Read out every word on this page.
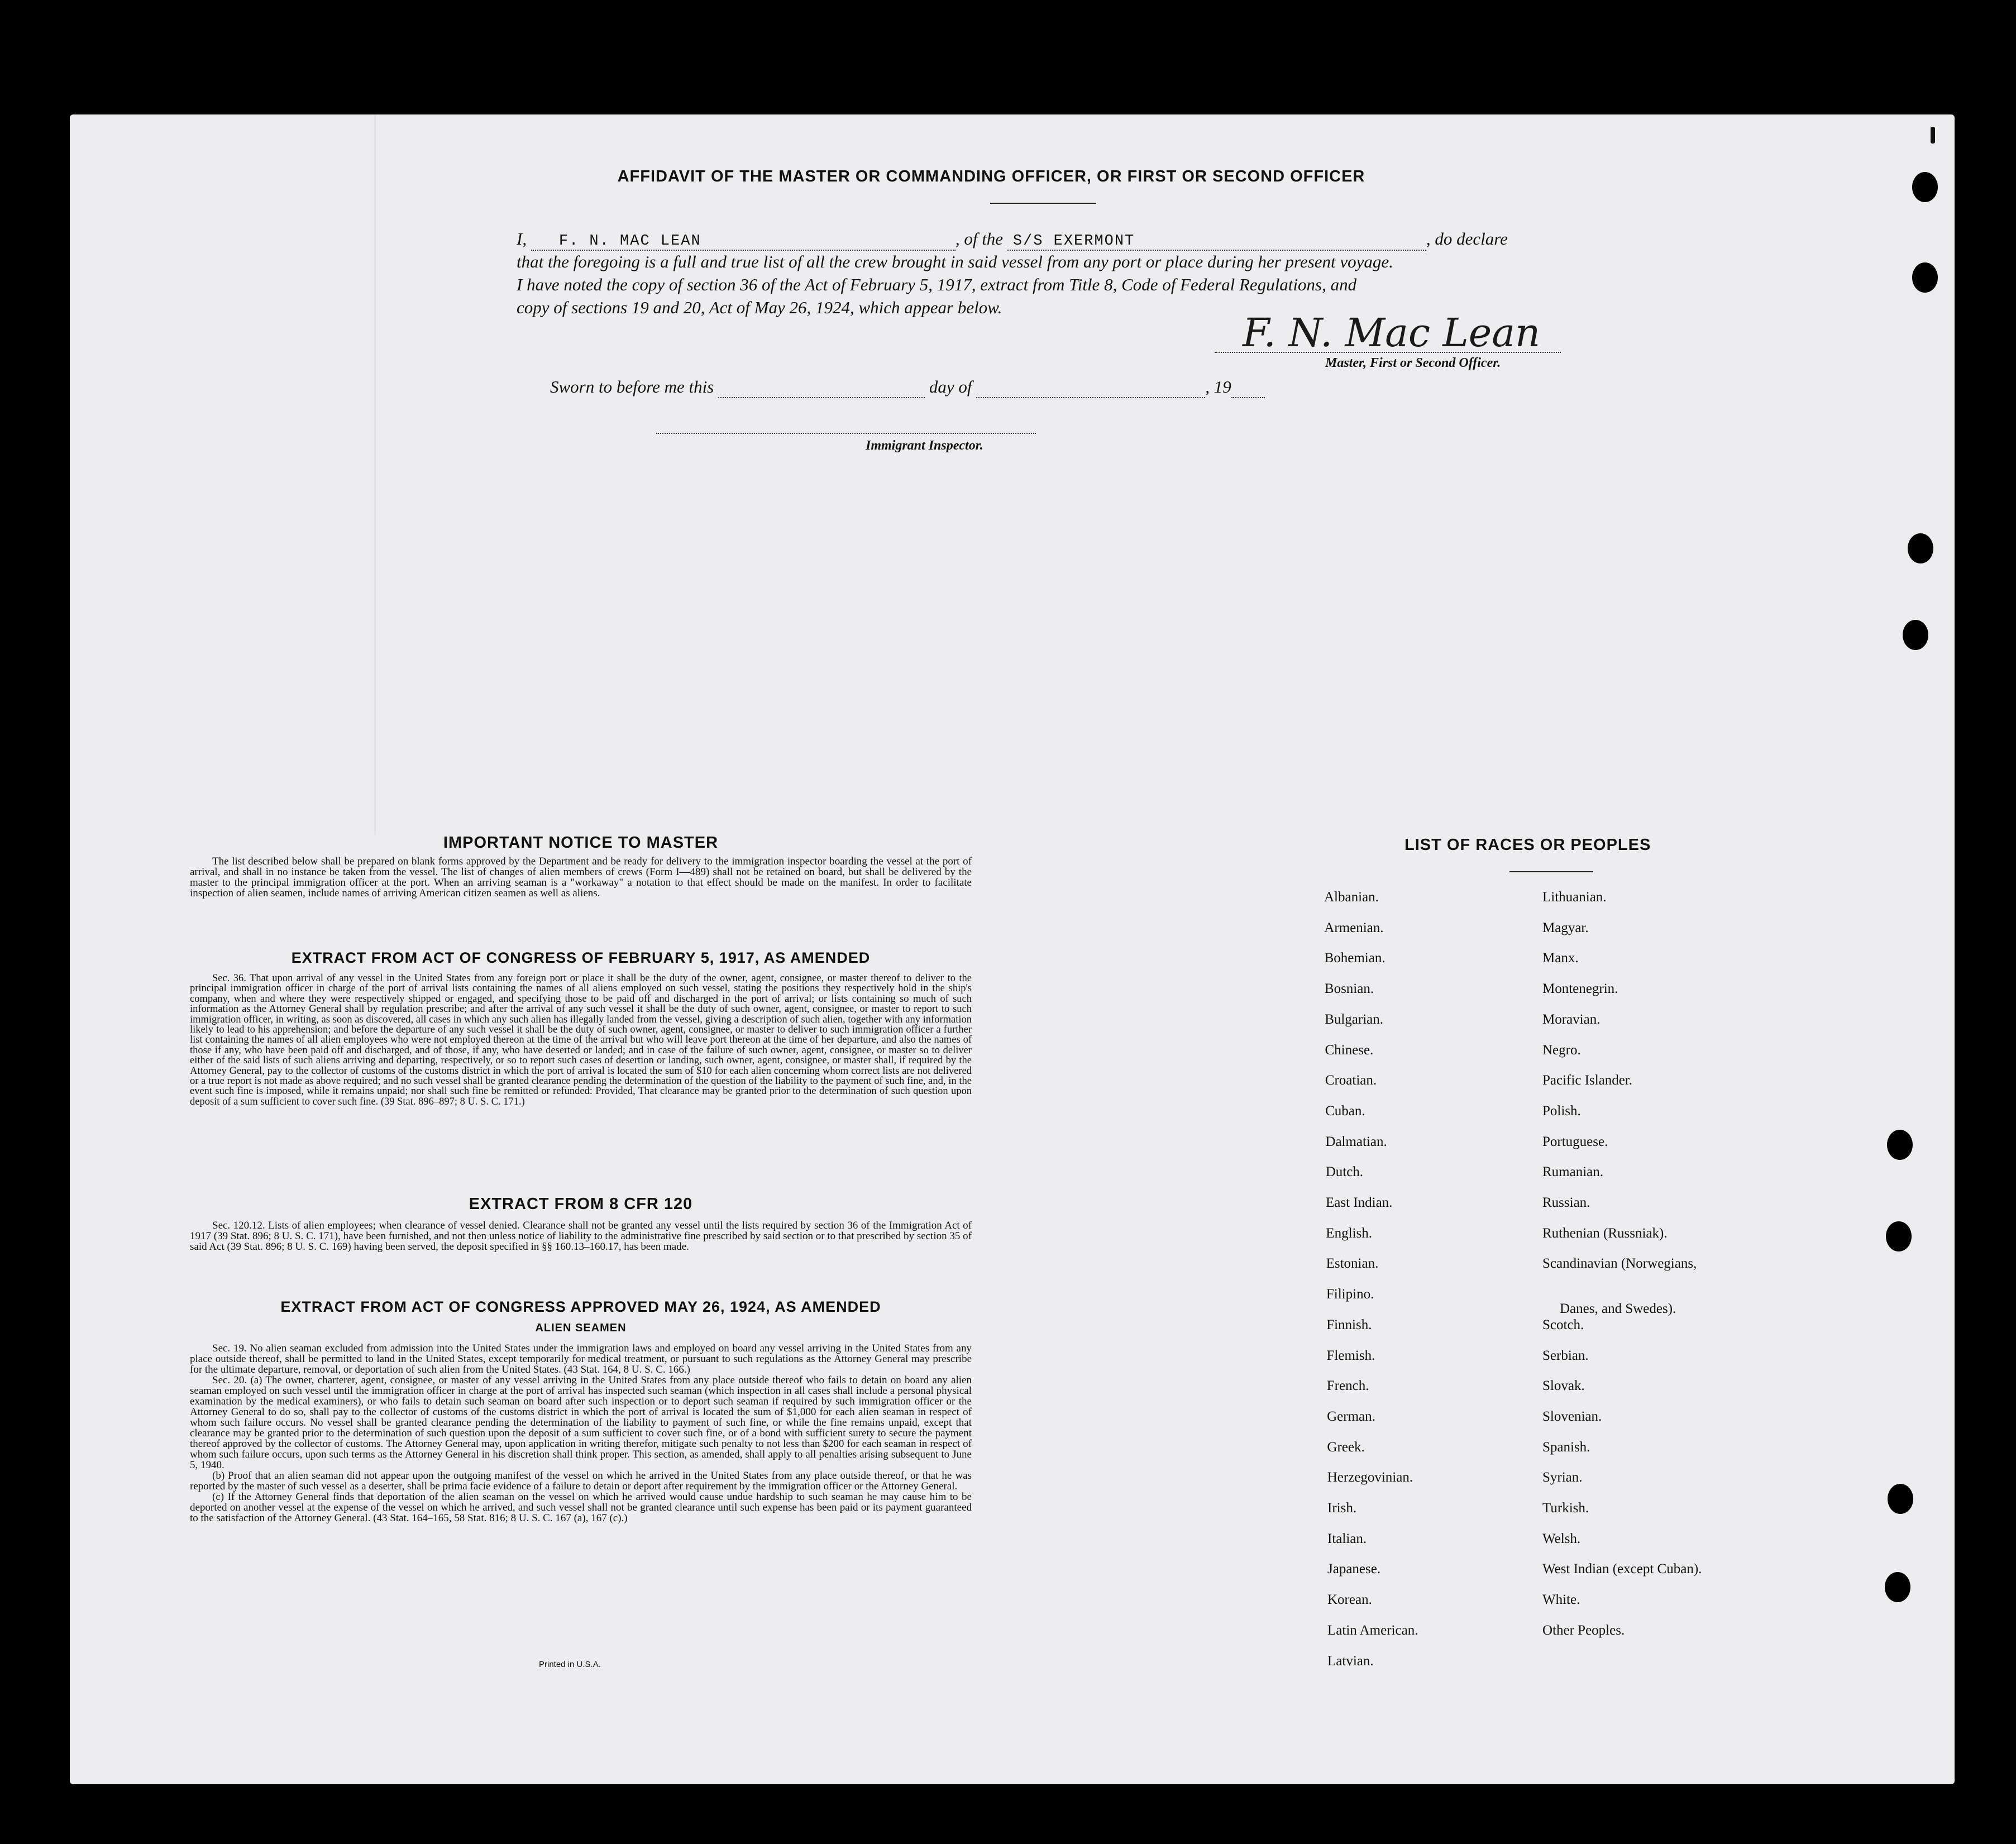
AFFIDAVIT OF THE MASTER OR COMMANDING OFFICER, OR FIRST OR SECOND OFFICER
I, F. N. MAC LEAN	, of the S/S EXERMONT	, do declare
that the foregoing is a full and true list of all the crew brought in said vessel from any port or place during her present voyage.
I have noted the copy of section 36 of the Act of February 5, 1917, extract from Title 8, Code of Federal Regulations, and
copy of sections 19 and 20, Act of May 26, 1924, which appear below.
F. N. Mac Lean
Master, First or Second Officer.
Sworn to before me this	day of	, 19
Immigrant Inspector.
IMPORTANT NOTICE TO MASTER

The list described below shall be prepared on blank forms approved by the Department and be ready for delivery to the immigration inspector boarding the vessel at the port of arrival, and shall in no instance be taken from the vessel. The list of changes of alien members of crews (Form I—489) shall not be retained on board, but shall be delivered by the master to the principal immigration officer at the port. When an arriving seaman is a "workaway" a notation to that effect should be made on the manifest. In order to facilitate inspection of alien seamen, include names of arriving American citizen seamen as well as aliens.

EXTRACT FROM ACT OF CONGRESS OF FEBRUARY 5, 1917, AS AMENDED

Sec. 36. That upon arrival of any vessel in the United States from any foreign port or place it shall be the duty of the owner, agent, consignee, or master thereof to deliver to the principal immigration officer in charge of the port of arrival lists containing the names of all aliens employed on such vessel, stating the positions they respectively hold in the ship's company, when and where they were respectively shipped or engaged, and specifying those to be paid off and discharged in the port of arrival; or lists containing so much of such information as the Attorney General shall by regulation prescribe; and after the arrival of any such vessel it shall be the duty of such owner, agent, consignee, or master to report to such immigration officer, in writing, as soon as discovered, all cases in which any such alien has illegally landed from the vessel, giving a description of such alien, together with any information likely to lead to his apprehension; and before the departure of any such vessel it shall be the duty of such owner, agent, consignee, or master to deliver to such immigration officer a further list containing the names of all alien employees who were not employed thereon at the time of the arrival but who will leave port thereon at the time of her departure, and also the names of those if any, who have been paid off and discharged, and of those, if any, who have deserted or landed; and in case of the failure of such owner, agent, consignee, or master so to deliver either of the said lists of such aliens arriving and departing, respectively, or so to report such cases of desertion or landing, such owner, agent, consignee, or master shall, if required by the Attorney General, pay to the collector of customs of the customs district in which the port of arrival is located the sum of $10 for each alien concerning whom correct lists are not delivered or a true report is not made as above required; and no such vessel shall be granted clearance pending the determination of the question of the liability to the payment of such fine, and, in the event such fine is imposed, while it remains unpaid; nor shall such fine be remitted or refunded: Provided, That clearance may be granted prior to the determination of such question upon deposit of a sum sufficient to cover such fine. (39 Stat. 896–897; 8 U. S. C. 171.)

EXTRACT FROM 8 CFR 120

Sec. 120.12. Lists of alien employees; when clearance of vessel denied. Clearance shall not be granted any vessel until the lists required by section 36 of the Immigration Act of 1917 (39 Stat. 896; 8 U. S. C. 171), have been furnished, and not then unless notice of liability to the administrative fine prescribed by said section or to that prescribed by section 35 of said Act (39 Stat. 896; 8 U. S. C. 169) having been served, the deposit specified in §§ 160.13–160.17, has been made.

EXTRACT FROM ACT OF CONGRESS APPROVED MAY 26, 1924, AS AMENDED
ALIEN SEAMEN

Sec. 19. No alien seaman excluded from admission into the United States under the immigration laws and employed on board any vessel arriving in the United States from any place outside thereof, shall be permitted to land in the United States, except temporarily for medical treatment, or pursuant to such regulations as the Attorney General may prescribe for the ultimate departure, removal, or deportation of such alien from the United States. (43 Stat. 164, 8 U. S. C. 166.)

Sec. 20. (a) The owner, charterer, agent, consignee, or master of any vessel arriving in the United States from any place outside thereof who fails to detain on board any alien seaman employed on such vessel until the immigration officer in charge at the port of arrival has inspected such seaman (which inspection in all cases shall include a personal physical examination by the medical examiners), or who fails to detain such seaman on board after such inspection or to deport such seaman if required by such immigration officer or the Attorney General to do so, shall pay to the collector of customs of the customs district in which the port of arrival is located the sum of $1,000 for each alien seaman in respect of whom such failure occurs. No vessel shall be granted clearance pending the determination of the liability to payment of such fine, or while the fine remains unpaid, except that clearance may be granted prior to the determination of such question upon the deposit of a sum sufficient to cover such fine, or of a bond with sufficient surety to secure the payment thereof approved by the collector of customs. The Attorney General may, upon application in writing therefor, mitigate such penalty to not less than $200 for each seaman in respect of whom such failure occurs, upon such terms as the Attorney General in his discretion shall think proper. This section, as amended, shall apply to all penalties arising subsequent to June 5, 1940.

(b) Proof that an alien seaman did not appear upon the outgoing manifest of the vessel on which he arrived in the United States from any place outside thereof, or that he was reported by the master of such vessel as a deserter, shall be prima facie evidence of a failure to detain or deport after requirement by the immigration officer or the Attorney General.

(c) If the Attorney General finds that deportation of the alien seaman on the vessel on which he arrived would cause undue hardship to such seaman he may cause him to be deported on another vessel at the expense of the vessel on which he arrived, and such vessel shall not be granted clearance until such expense has been paid or its payment guaranteed to the satisfaction of the Attorney General. (43 Stat. 164–165, 58 Stat. 816; 8 U. S. C. 167 (a), 167 (c).)

Printed in U.S.A.
LIST OF RACES OR PEOPLES
Albanian.
Armenian.
Bohemian.
Bosnian.
Bulgarian.
Chinese.
Croatian.
Cuban.
Dalmatian.
Dutch.
East Indian.
English.
Estonian.
Filipino.
Finnish.
Flemish.
French.
German.
Greek.
Herzegovinian.
Irish.
Italian.
Japanese.
Korean.
Latin American.
Latvian.
Lithuanian.
Magyar.
Manx.
Montenegrin.
Moravian.
Negro.
Pacific Islander.
Polish.
Portuguese.
Rumanian.
Russian.
Ruthenian (Russniak).
Scandinavian (Norwegians,
Danes, and Swedes).
Scotch.
Serbian.
Slovak.
Slovenian.
Spanish.
Syrian.
Turkish.
Welsh.
West Indian (except Cuban).
White.
Other Peoples.
